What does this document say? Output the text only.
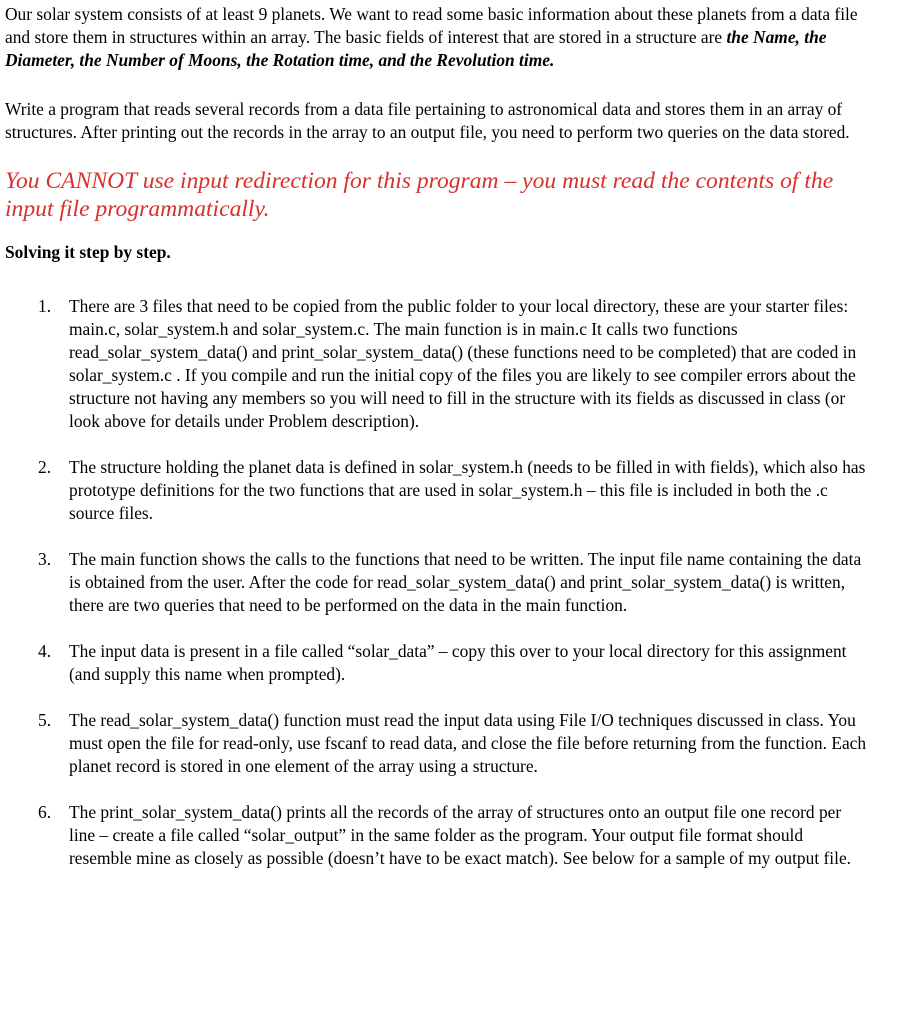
Our solar system consists of at least 9 planets. We want to read some basic information about these planets from a data file and store them in structures within an array. The basic fields of interest that are stored in a structure are the Name, the Diameter, the Number of Moons, the Rotation time, and the Revolution time.

Write a program that reads several records from a data file pertaining to astronomical data and stores them in an array of structures. After printing out the records in the array to an output file, you need to perform two queries on the data stored.

You CANNOT use input redirection for this program – you must read the contents of the input file programmatically.

Solving it step by step.

1. There are 3 files that need to be copied from the public folder to your local directory, these are your starter files: main.c, solar_system.h and solar_system.c. The main function is in main.c It calls two functions read_solar_system_data() and print_solar_system_data() (these functions need to be completed) that are coded in solar_system.c . If you compile and run the initial copy of the files you are likely to see compiler errors about the structure not having any members so you will need to fill in the structure with its fields as discussed in class (or look above for details under Problem description).
2. The structure holding the planet data is defined in solar_system.h (needs to be filled in with fields), which also has prototype definitions for the two functions that are used in solar_system.h – this file is included in both the .c source files.
3. The main function shows the calls to the functions that need to be written. The input file name containing the data is obtained from the user. After the code for read_solar_system_data() and print_solar_system_data() is written, there are two queries that need to be performed on the data in the main function.
4. The input data is present in a file called “solar_data” – copy this over to your local directory for this assignment (and supply this name when prompted).
5. The read_solar_system_data() function must read the input data using File I/O techniques discussed in class. You must open the file for read-only, use fscanf to read data, and close the file before returning from the function. Each planet record is stored in one element of the array using a structure.
6. The print_solar_system_data() prints all the records of the array of structures onto an output file one record per line – create a file called “solar_output” in the same folder as the program. Your output file format should resemble mine as closely as possible (doesn’t have to be exact match). See below for a sample of my output file.
